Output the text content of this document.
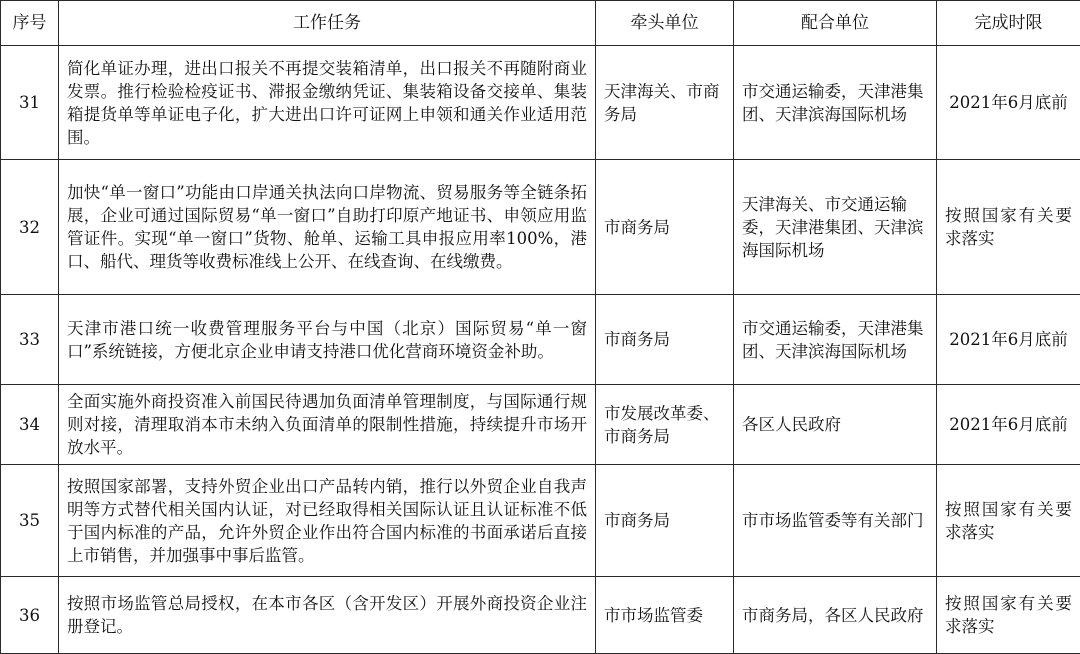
序号	工作任务	牵头单位	配合单位	完成时限
31	简化单证办理，进出口报关不再提交装箱清单，出口报关不再随附商业发票。推行检验检疫证书、滞报金缴纳凭证、集装箱设备交接单、集装箱提货单等单证电子化，扩大进出口许可证网上申领和通关作业适用范围。	天津海关、市商务局	市交通运输委，天津港集团、天津滨海国际机场	2021年6月底前
32	加快“单一窗口”功能由口岸通关执法向口岸物流、贸易服务等全链条拓展，企业可通过国际贸易“单一窗口”自助打印原产地证书、申领应用监管证件。实现“单一窗口”货物、舱单、运输工具申报应用率100%，港口、船代、理货等收费标准线上公开、在线查询、在线缴费。	市商务局	天津海关、市交通运输委，天津港集团、天津滨海国际机场	按照国家有关要求落实
33	天津市港口统一收费管理服务平台与中国（北京）国际贸易“单一窗口”系统链接，方便北京企业申请支持港口优化营商环境资金补助。	市商务局	市交通运输委，天津港集团、天津滨海国际机场	2021年6月底前
34	全面实施外商投资准入前国民待遇加负面清单管理制度，与国际通行规则对接，清理取消本市未纳入负面清单的限制性措施，持续提升市场开放水平。	市发展改革委、市商务局	各区人民政府	2021年6月底前
35	按照国家部署，支持外贸企业出口产品转内销，推行以外贸企业自我声明等方式替代相关国内认证，对已经取得相关国际认证且认证标准不低于国内标准的产品，允许外贸企业作出符合国内标准的书面承诺后直接上市销售，并加强事中事后监管。	市商务局	市市场监管委等有关部门	按照国家有关要求落实
36	按照市场监管总局授权，在本市各区（含开发区）开展外商投资企业注册登记。	市市场监管委	市商务局，各区人民政府	按照国家有关要求落实
